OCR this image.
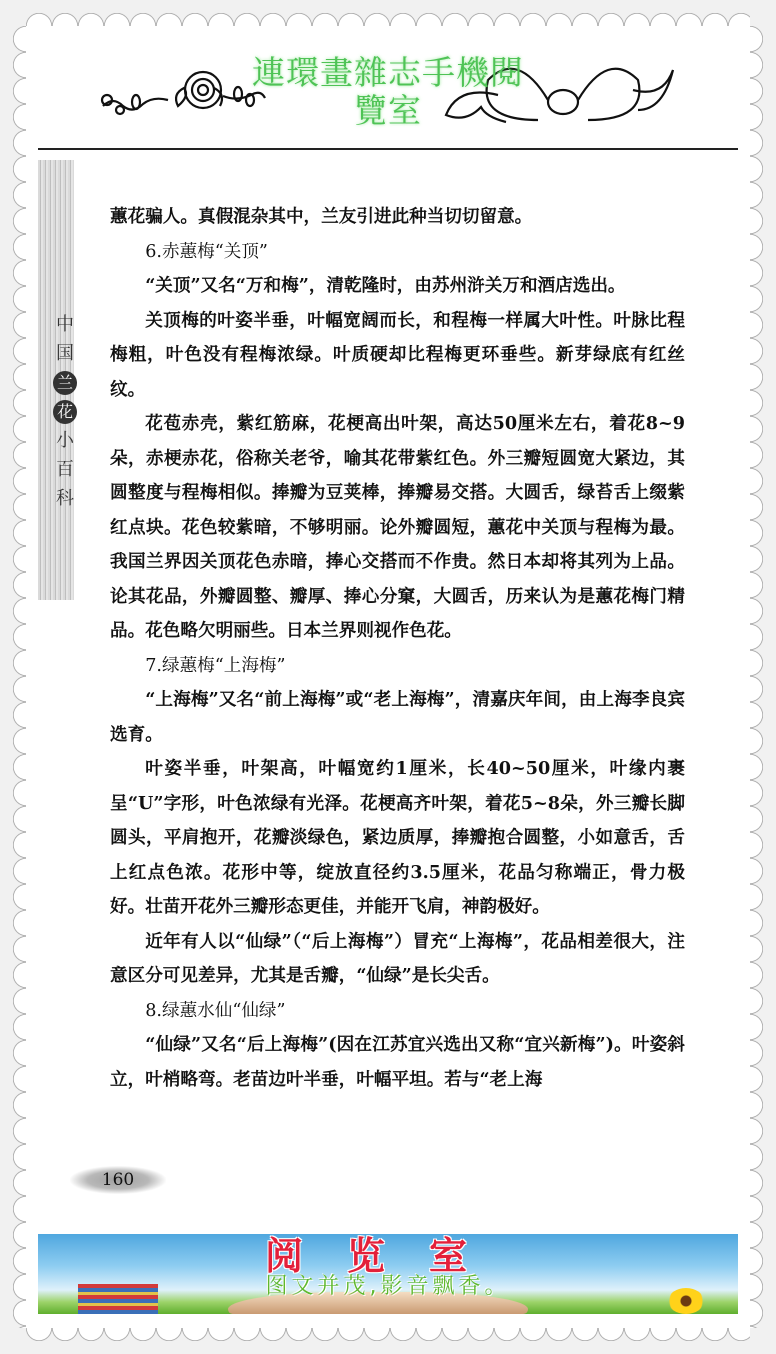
連環畫雜志手機閱
覽室
中
国
兰
花
小
百
科

蕙花骗人。真假混杂其中，兰友引进此种当切切留意。

6.赤蕙梅“关顶”

“关顶”又名“万和梅”，清乾隆时，由苏州浒关万和酒店选出。

关顶梅的叶姿半垂，叶幅宽阔而长，和程梅一样属大叶性。叶脉比程梅粗，叶色没有程梅浓绿。叶质硬却比程梅更环垂些。新芽绿底有红丝纹。

花苞赤壳，紫红筋麻，花梗高出叶架，高达50厘米左右，着花8~9朵，赤梗赤花，俗称关老爷，喻其花带紫红色。外三瓣短圆宽大紧边，其圆整度与程梅相似。捧瓣为豆荚棒，捧瓣易交搭。大圆舌，绿苔舌上缀紫红点块。花色较紫暗，不够明丽。论外瓣圆短，蕙花中关顶与程梅为最。我国兰界因关顶花色赤暗，捧心交搭而不作贵。然日本却将其列为上品。论其花品，外瓣圆整、瓣厚、捧心分窠，大圆舌，历来认为是蕙花梅门精品。花色略欠明丽些。日本兰界则视作色花。

7.绿蕙梅“上海梅”

“上海梅”又名“前上海梅”或“老上海梅”，清嘉庆年间，由上海李良宾选育。

叶姿半垂，叶架高，叶幅宽约1厘米，长40~50厘米，叶缘内裹呈“U”字形，叶色浓绿有光泽。花梗高齐叶架，着花5~8朵，外三瓣长脚圆头，平肩抱开，花瓣淡绿色，紧边质厚，捧瓣抱合圆整，小如意舌，舌上红点色浓。花形中等，绽放直径约3.5厘米，花品匀称端正，骨力极好。壮苗开花外三瓣形态更佳，并能开飞肩，神韵极好。

近年有人以“仙绿”（“后上海梅”）冒充“上海梅”，花品相差很大，注意区分可见差异，尤其是舌瓣，“仙绿”是长尖舌。

8.绿蕙水仙“仙绿”

“仙绿”又名“后上海梅”(因在江苏宜兴选出又称“宜兴新梅”)。叶姿斜立，叶梢略弯。老苗边叶半垂，叶幅平坦。若与“老上海

160
阅览室
图文并茂,影音飘香。
